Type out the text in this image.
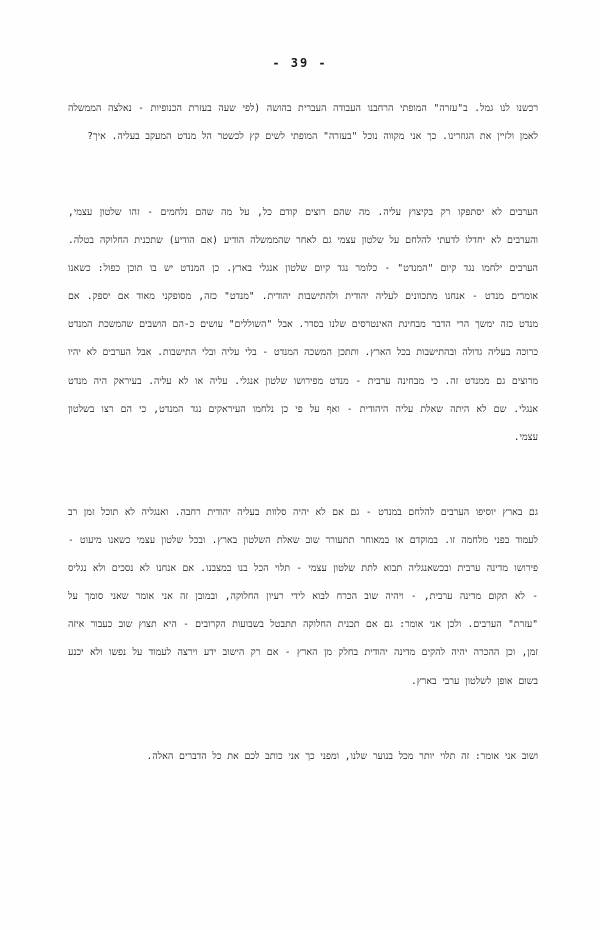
- 39 -

רכשנו לנו גמל. ב"עזרה" המופתי הרחבנו העבודה העברית בהושה (לפי שעה בעזרת הכנופיות - נאלצה הממשלה לאמן ולזיין את הגוזרינו. כך אני מקווה נוכל "בעזרה" המופתי לשים קץ לכשטר הל מנדט המעקב בעליה. איך?

הערבים לא יסתפקו רק בקיצוץ עליה. מה שהם רוצים קודם כל, על מה שהם נלחמים - זהו שלטון עצמי, והערבים לא יחדלו לדעתי להלחם על שלטון עצמי גם לאחר שהממשלה הודיע (אם הודיע) שתכנית החלוקה בטלה. הערבים ילחמו נגד קיום "המנדט" - כלומר נגד קיום שלטון אנגלי בארץ. כן המנדט יש בו תוכן כפול: כשאנו אומרים מנדט - אנחנו מתכוונים לעליה יהודית ולהתישבות יהודית. "מנדט" כזה, מסופקני מאוד אם יספק. אם מנדט כזה ימשך הרי הדבר מבחינת האינטרסים שלנו בסדר. אבל "השוללים" עושים כ-הם הושבים שהמשכת המנדט כרוכה בעליה גדולה ובהתישבות בכל הארץ. ותתכן המשכה המנדט - בלי עליה ובלי התישבות. אבל הערבים לא יהיו מרוצים גם ממנדט זה. כי מבחינה ערבית - מנדט מפירושו שלטון אנגלי. עליה או לא עליה. בעיראק היה מנדט אנגלי. שם לא היתה שאלת עליה היהודית - ואף על פי כן נלחמו העיראקים נגד המנדט, כי הם רצו בשלטון עצמי.

גם בארץ יוסיפו הערבים להלחם במנדט - גם אם לא יהיה סלוות בעליה יהודית רחבה. ואנגליה לא תוכל זמן רב לעמוד בפני מלחמה זו. במוקדם או במאוחר תתעורר שוב שאלת השלטון בארץ. ובכל שלטון עצמי כשאנו מיעוט - פירושו מדינה ערבית ובכשאנגליה תבוא לתת שלטון עצמי - תלוי הכל בנו במצבנו. אם אנחנו לא נסכים ולא נגליס - לא תקום מדינה ערבית, - ויהיה שוב הכרח לבוא לידי רעיון החלוקה, ובמובן זה אני אומר שאני סומך על "עזרת" הערבים. ולכן אני אומר: גם אם תכנית החלוקה תתבטל בשבועות הקרובים - היא תצוץ שוב כעבור איזה זמן, וכן ההכרה יהיה להקים מדינה יהודית בחלק מן הארץ - אם רק הישוב ידע וירצה לעמוד על נפשו ולא יכנע בשום אופן לשלטון ערבי בארץ.

ושוב אני אומר: זה תלוי יותר מכל בנוער שלנו, ומפני כך אני כותב לכם את כל הדברים האלה.
